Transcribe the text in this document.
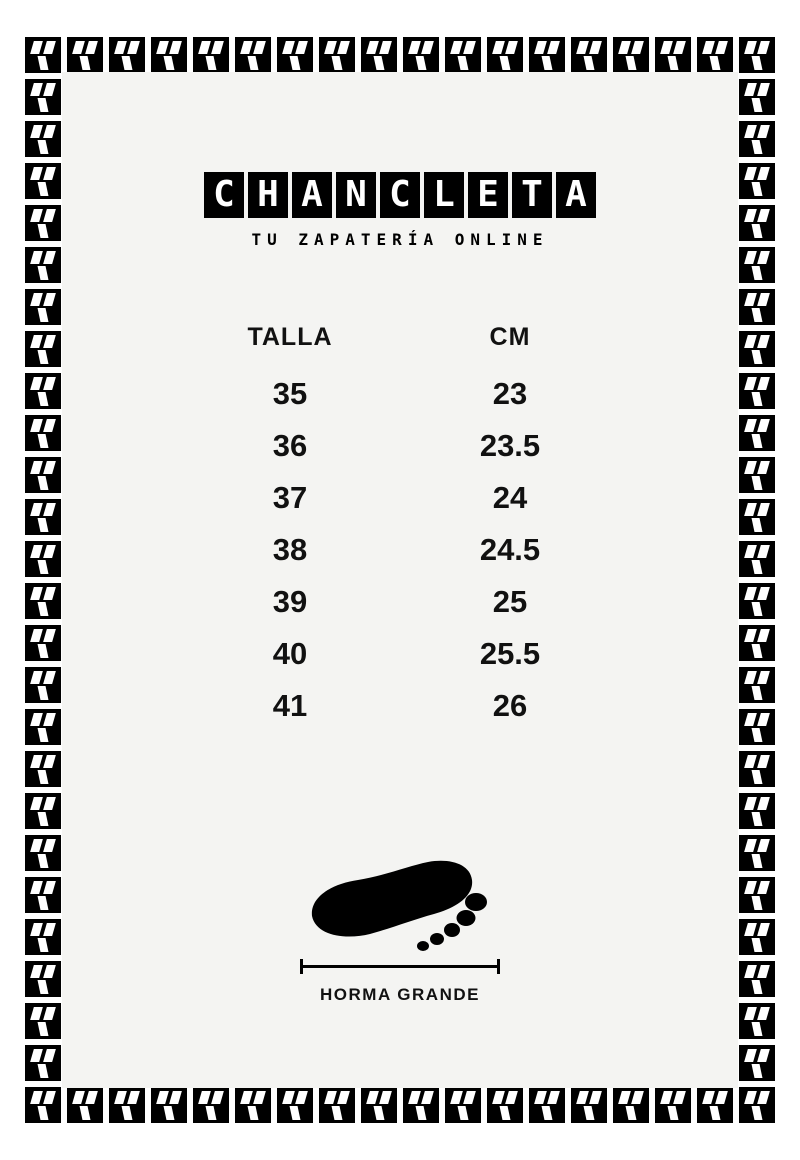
C H A N C L E T A
TU ZAPATERÍA ONLINE
TALLA	CM
35	23
36	23.5
37	24
38	24.5
39	25
40	25.5
41	26
HORMA GRANDE
